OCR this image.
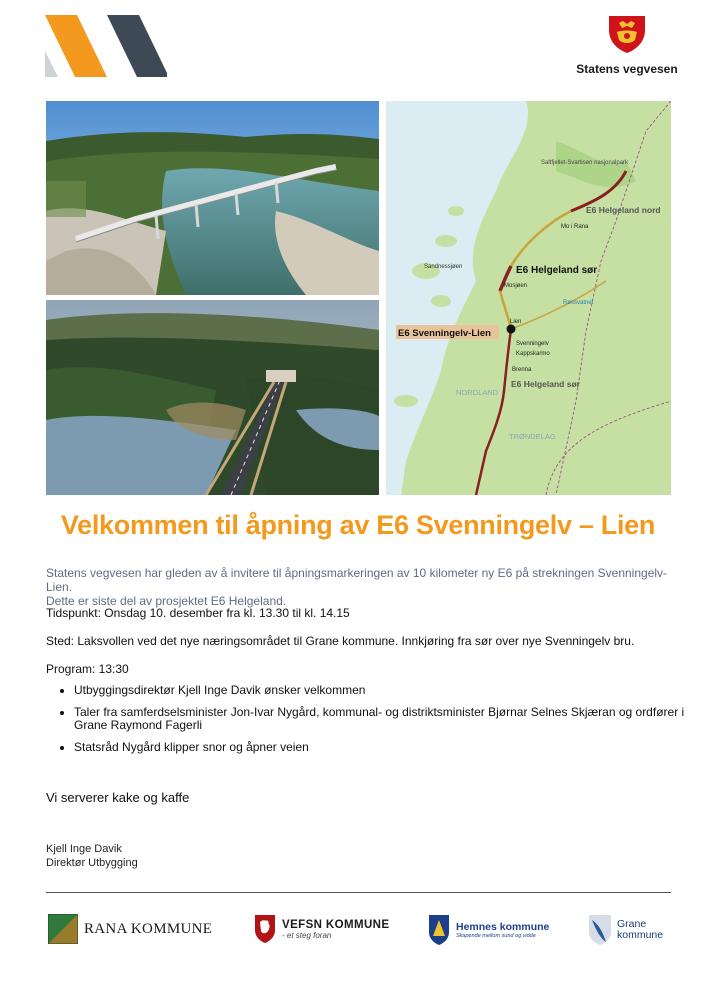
Statens vegvesen
Saltfjellet-Svartisen nasjonalpark
E6 Helgeland nord
Mo i Rana
Sandnessjøen	E6 Helgeland sør
Mosjøen
Røssvatnet
Lien
E6 Svenningelv-Lien
Svenningelv
Kappskarmo
Brenna
E6 Helgeland sør
NORDLAND
TRØNDELAG
Velkommen til åpning av E6 Svenningelv – Lien
Statens vegvesen har gleden av å invitere til åpningsmarkeringen av 10 kilometer ny E6 på strekningen Svenningelv-Lien.
Dette er siste del av prosjektet E6 Helgeland.
Tidspunkt: Onsdag 10. desember fra kl. 13.30 til kl. 14.15
Sted: Laksvollen ved det nye næringsområdet til Grane kommune. Innkjøring fra sør over nye Svenningelv bru.
Program: 13:30
• Utbyggingsdirektør Kjell Inge Davik ønsker velkommen
• Taler fra samferdselsminister Jon-Ivar Nygård, kommunal- og distriktsminister Bjørnar Selnes Skjæran og ordfører i Grane Raymond Fagerli
• Statsråd Nygård klipper snor og åpner veien
Vi serverer kake og kaffe
Kjell Inge Davik
Direktør Utbygging
RANA KOMMUNE	VEFSN KOMMUNE
- et steg foran
Hemnes kommune
Skapende mellom sund og vidde
Grane
kommune
